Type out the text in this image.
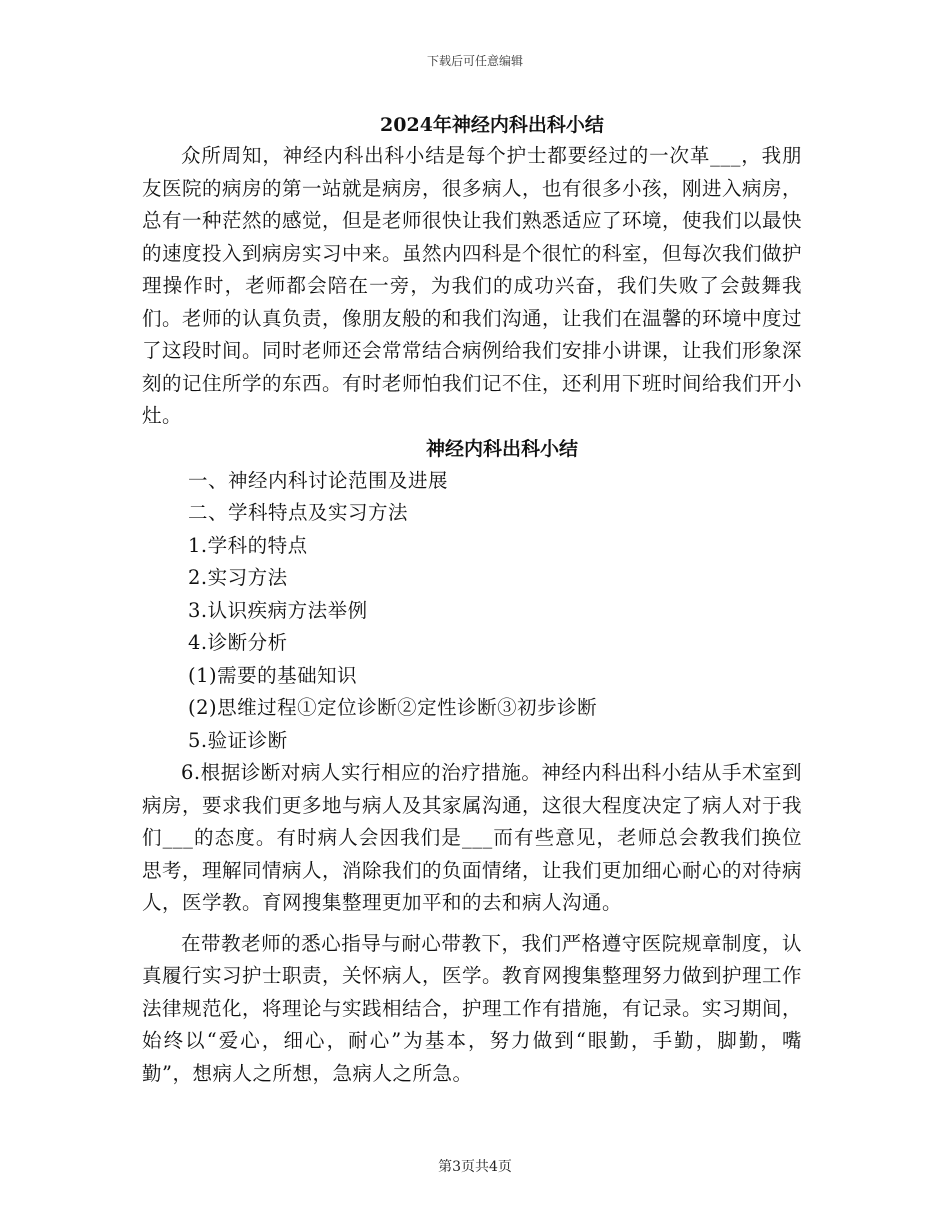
下载后可任意编辑
2024年神经内科出科小结

众所周知，神经内科出科小结是每个护士都要经过的一次革___，我朋友医院的病房的第一站就是病房，很多病人，也有很多小孩，刚进入病房，总有一种茫然的感觉，但是老师很快让我们熟悉适应了环境，使我们以最快的速度投入到病房实习中来。虽然内四科是个很忙的科室，但每次我们做护理操作时，老师都会陪在一旁，为我们的成功兴奋，我们失败了会鼓舞我们。老师的认真负责，像朋友般的和我们沟通，让我们在温馨的环境中度过了这段时间。同时老师还会常常结合病例给我们安排小讲课，让我们形象深刻的记住所学的东西。有时老师怕我们记不住，还利用下班时间给我们开小灶。

神经内科出科小结

一、神经内科讨论范围及进展

二、学科特点及实习方法

1.学科的特点

2.实习方法

3.认识疾病方法举例

4.诊断分析

(1)需要的基础知识

(2)思维过程①定位诊断②定性诊断③初步诊断

5.验证诊断

6.根据诊断对病人实行相应的治疗措施。神经内科出科小结从手术室到病房，要求我们更多地与病人及其家属沟通，这很大程度决定了病人对于我们___的态度。有时病人会因我们是___而有些意见，老师总会教我们换位思考，理解同情病人，消除我们的负面情绪，让我们更加细心耐心的对待病人，医学教。育网搜集整理更加平和的去和病人沟通。

在带教老师的悉心指导与耐心带教下，我们严格遵守医院规章制度，认真履行实习护士职责，关怀病人，医学。教育网搜集整理努力做到护理工作法律规范化，将理论与实践相结合，护理工作有措施，有记录。实习期间，始终以“爱心，细心，耐心”为基本，努力做到“眼勤，手勤，脚勤，嘴勤”，想病人之所想，急病人之所急。

第3页共4页
